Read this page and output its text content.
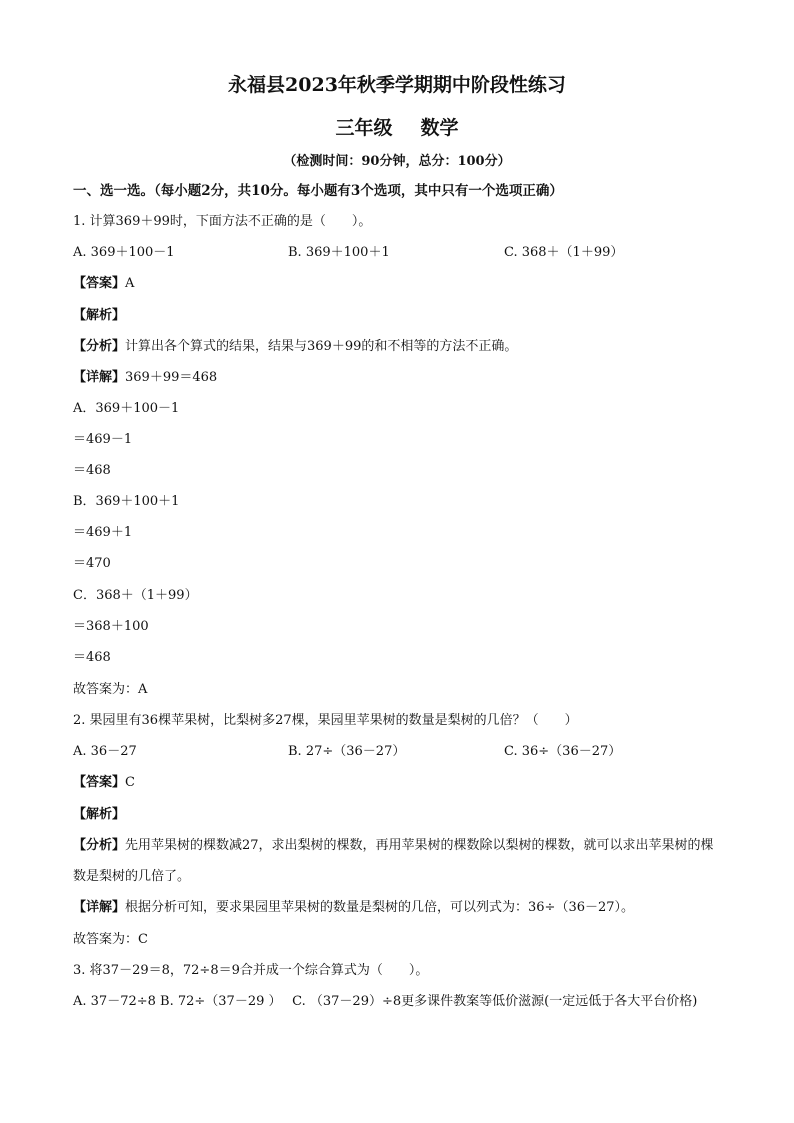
永福县2023年秋季学期期中阶段性练习
三年级 数学
（检测时间：90分钟，总分：100分）
一、选一选。（每小题2分，共10分。每小题有3个选项，其中只有一个选项正确）
1. 计算369＋99时，下面方法不正确的是（　　）。
A. 369＋100－1	B. 369＋100＋1	C. 368＋（1＋99）
【答案】A
【解析】
【分析】计算出各个算式的结果，结果与369＋99的和不相等的方法不正确。
【详解】369＋99＝468
A．369＋100－1
＝469－1
＝468
B．369＋100＋1
＝469＋1
＝470
C．368＋（1＋99）
＝368＋100
＝468
故答案为：A
2. 果园里有36棵苹果树，比梨树多27棵，果园里苹果树的数量是梨树的几倍？（　　）
A. 36－27	B. 27÷（36－27）	C. 36÷（36－27）
【答案】C
【解析】
【分析】先用苹果树的棵数减27，求出梨树的棵数，再用苹果树的棵数除以梨树的棵数，就可以求出苹果树的棵数是梨树的几倍了。
【详解】根据分析可知，要求果园里苹果树的数量是梨树的几倍，可以列式为：36÷（36－27）。
故答案为：C
3. 将37－29＝8，72÷8＝9合并成一个综合算式为（　　）。
A. 37－72÷8 B. 72÷（37－29 ）　 C. （37－29）÷8更多课件教案等低价滋源(一定远低于各大平台价格)
